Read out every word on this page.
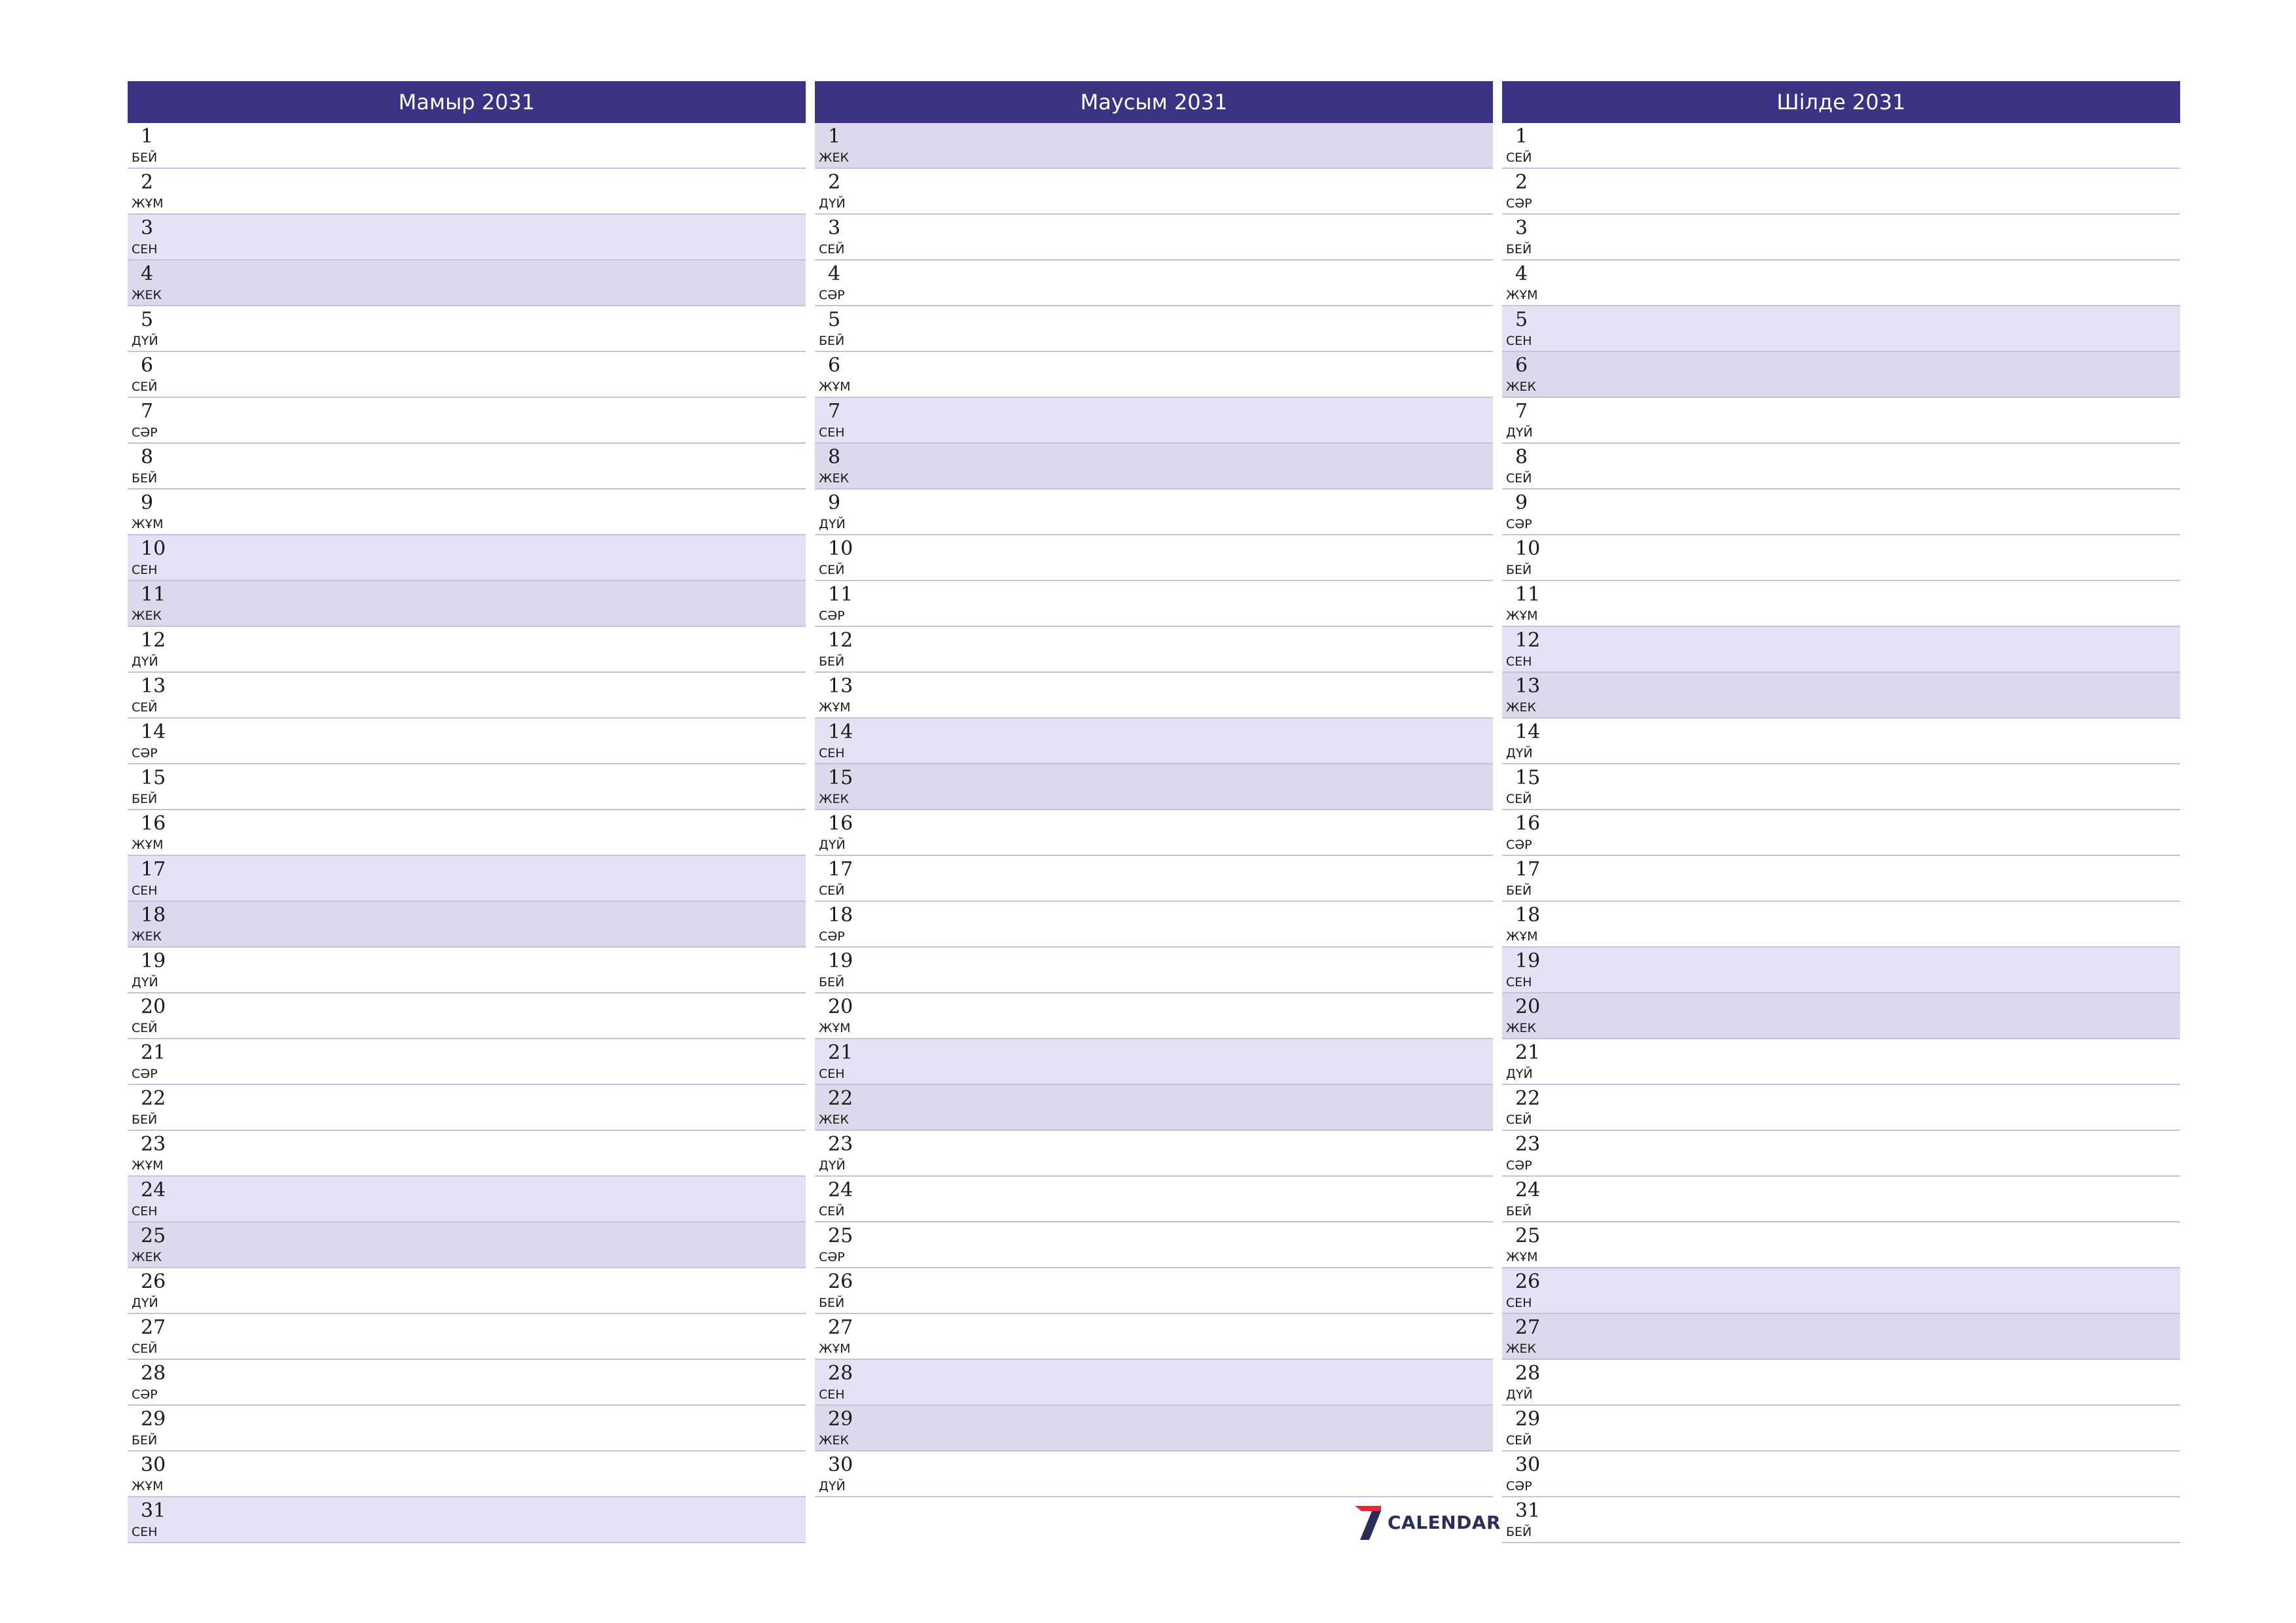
Мамыр 2031
1
БЕЙ
2
ЖҰМ
3
СЕН
4
ЖЕК
5
ДҮЙ
6
СЕЙ
7
СӘР
8
БЕЙ
9
ЖҰМ
10
СЕН
11
ЖЕК
12
ДҮЙ
13
СЕЙ
14
СӘР
15
БЕЙ
16
ЖҰМ
17
СЕН
18
ЖЕК
19
ДҮЙ
20
СЕЙ
21
СӘР
22
БЕЙ
23
ЖҰМ
24
СЕН
25
ЖЕК
26
ДҮЙ
27
СЕЙ
28
СӘР
29
БЕЙ
30
ЖҰМ
31
СЕН
Маусым 2031
1
ЖЕК
2
ДҮЙ
3
СЕЙ
4
СӘР
5
БЕЙ
6
ЖҰМ
7
СЕН
8
ЖЕК
9
ДҮЙ
10
СЕЙ
11
СӘР
12
БЕЙ
13
ЖҰМ
14
СЕН
15
ЖЕК
16
ДҮЙ
17
СЕЙ
18
СӘР
19
БЕЙ
20
ЖҰМ
21
СЕН
22
ЖЕК
23
ДҮЙ
24
СЕЙ
25
СӘР
26
БЕЙ
27
ЖҰМ
28
СЕН
29
ЖЕК
30
ДҮЙ
Шілде 2031
1
СЕЙ
2
СӘР
3
БЕЙ
4
ЖҰМ
5
СЕН
6
ЖЕК
7
ДҮЙ
8
СЕЙ
9
СӘР
10
БЕЙ
11
ЖҰМ
12
СЕН
13
ЖЕК
14
ДҮЙ
15
СЕЙ
16
СӘР
17
БЕЙ
18
ЖҰМ
19
СЕН
20
ЖЕК
21
ДҮЙ
22
СЕЙ
23
СӘР
24
БЕЙ
25
ЖҰМ
26
СЕН
27
ЖЕК
28
ДҮЙ
29
СЕЙ
30
СӘР
31
БЕЙ
CALENDAR
